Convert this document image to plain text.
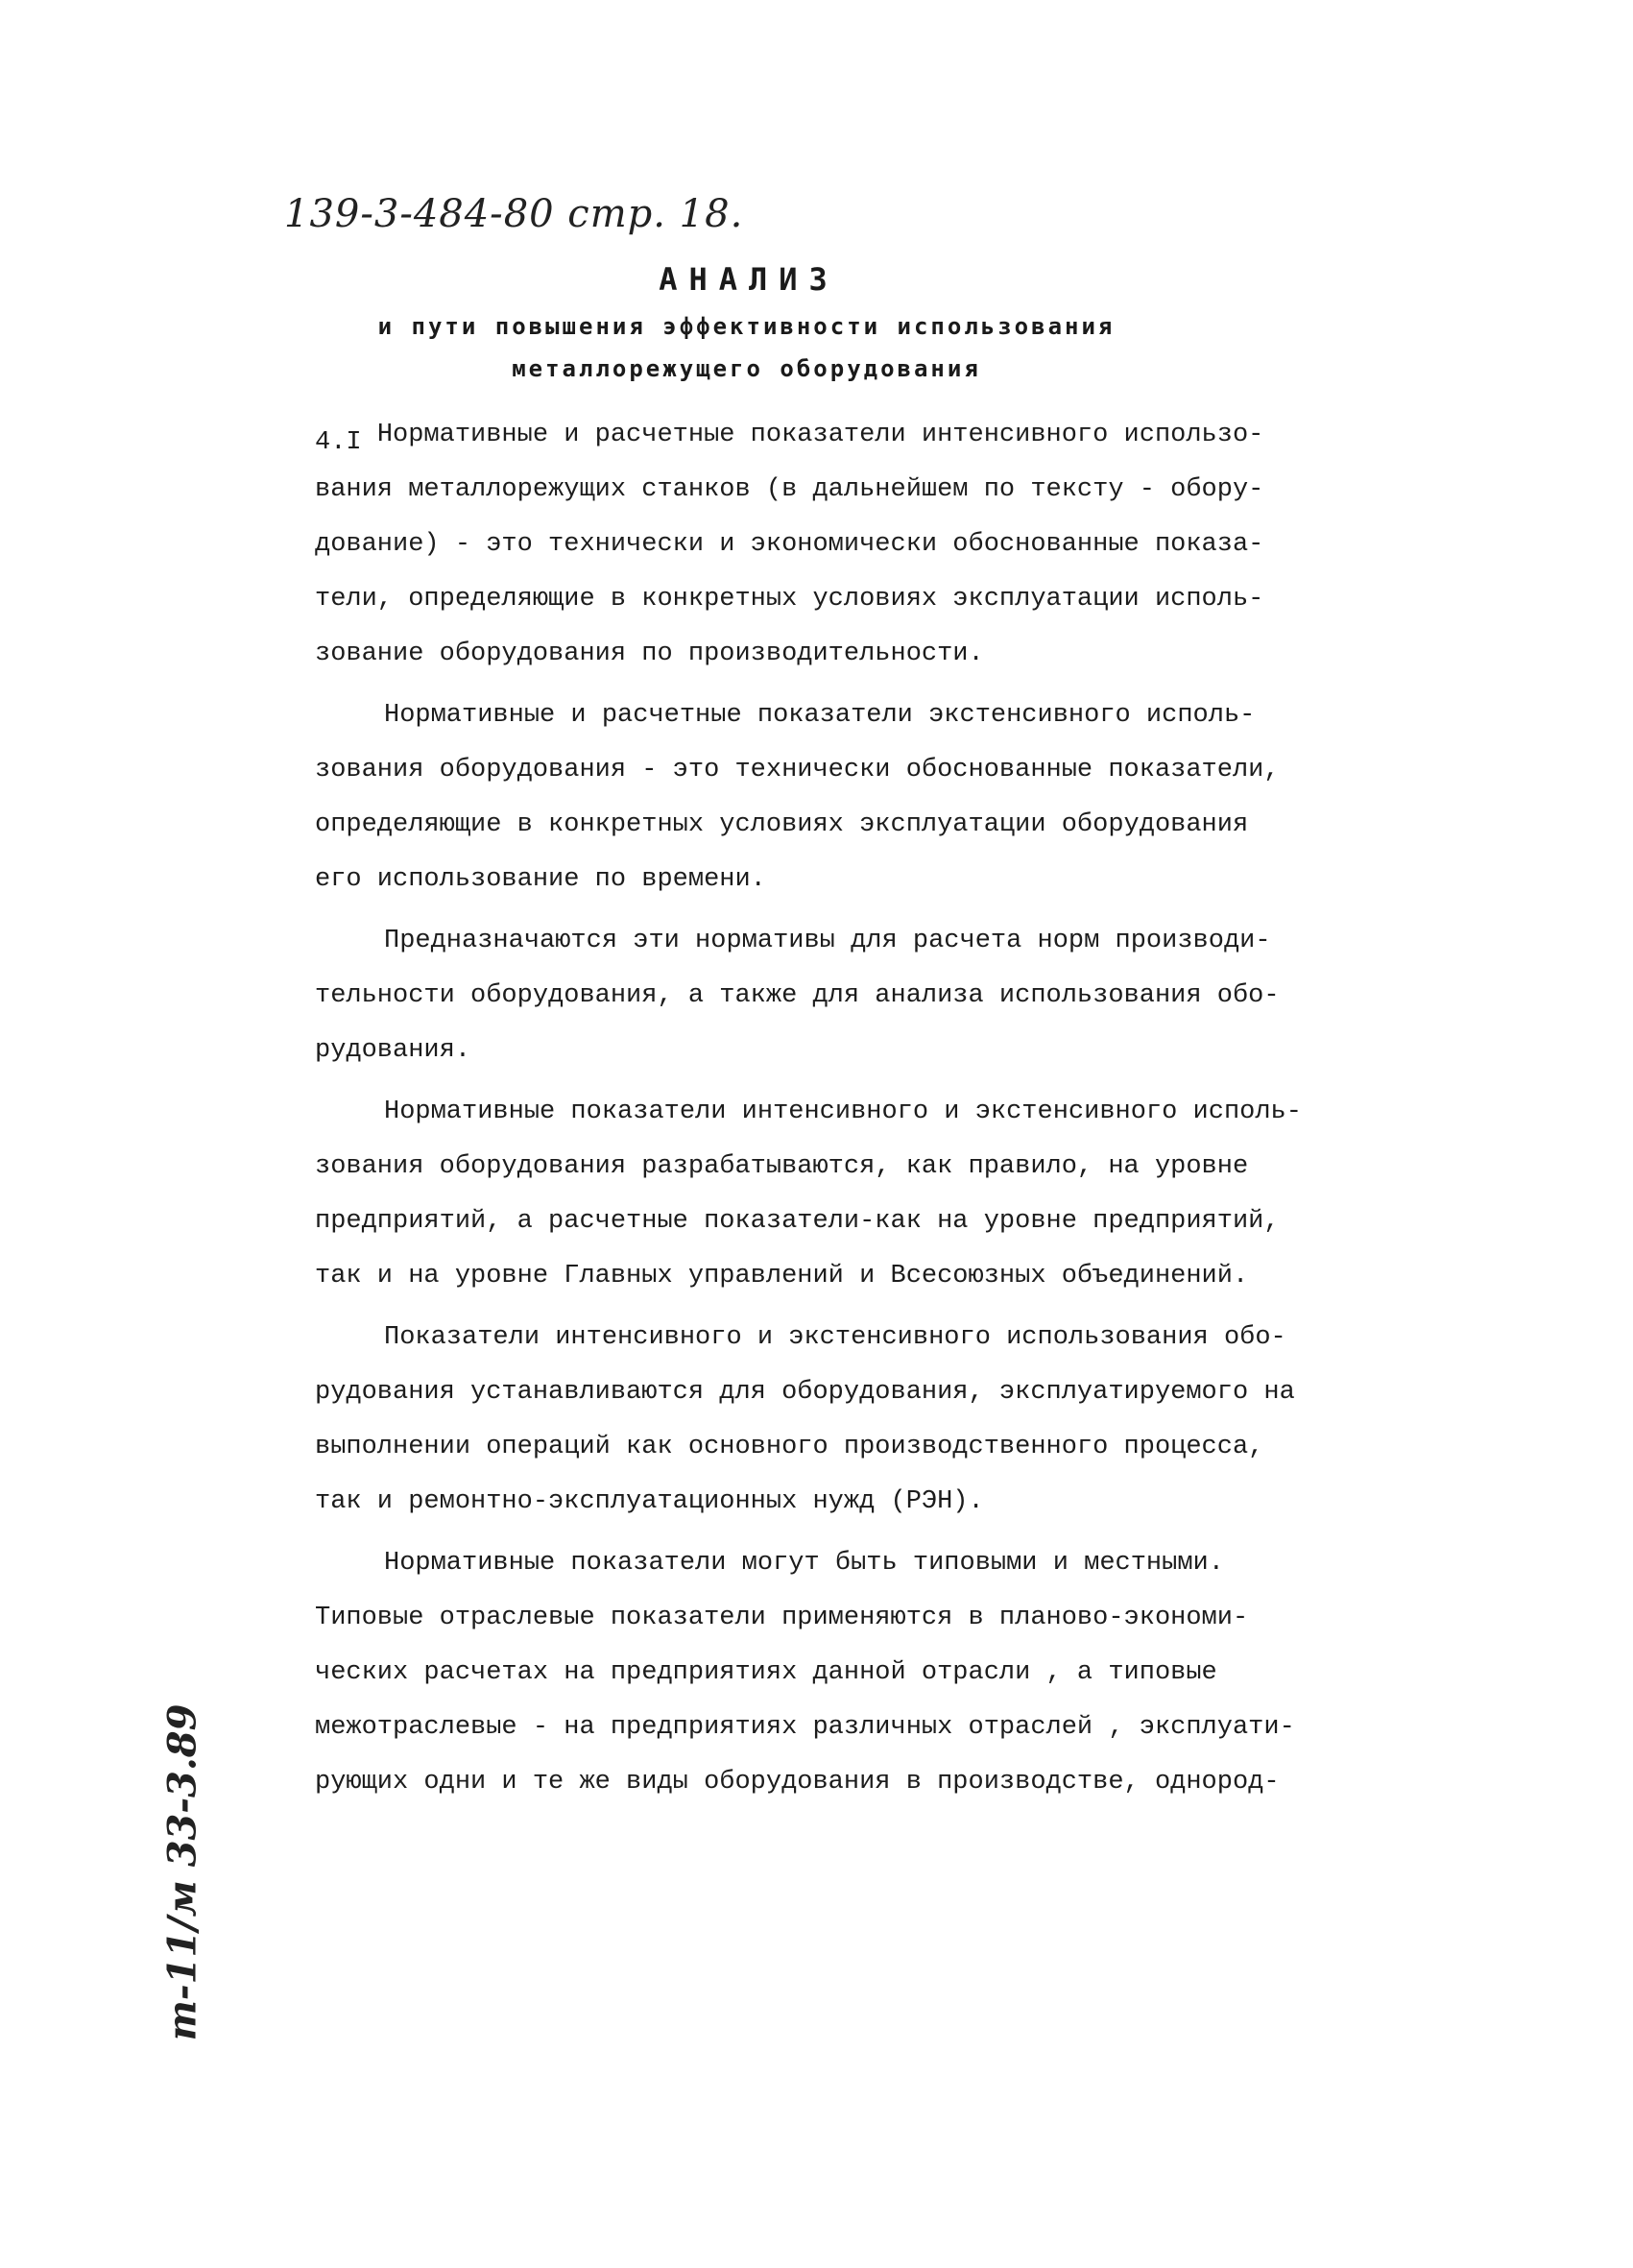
139-3-484-80 стр. 18.
АНАЛИЗ
и пути повышения эффективности использования
металлорежущего оборудования

4.I Нормативные и расчетные показатели интенсивного использо-
вания металлорежущих станков (в дальнейшем по тексту - обору-
дование) - это технически и экономически обоснованные показа-
тели, определяющие в конкретных условиях эксплуатации исполь-
зование оборудования по производительности.

Нормативные и расчетные показатели экстенсивного исполь-
зования оборудования - это технически обоснованные показатели,
определяющие в конкретных условиях эксплуатации оборудования
его использование по времени.

Предназначаются эти нормативы для расчета норм производи-
тельности оборудования, а также для анализа использования обо-
рудования.

Нормативные показатели интенсивного и экстенсивного исполь-
зования оборудования разрабатываются, как правило, на уровне
предприятий, а расчетные показатели-как на уровне предприятий,
так и на уровне Главных управлений и Всесоюзных объединений.

Показатели интенсивного и экстенсивного использования обо-
рудования устанавливаются для оборудования, эксплуатируемого на
выполнении операций как основного производственного процесса,
так и ремонтно-эксплуатационных нужд (РЭН).

Нормативные показатели могут быть типовыми и местными.
Типовые отраслевые показатели применяются в планово-экономи-
ческих расчетах на предприятиях данной отрасли , а типовые
межотраслевые - на предприятиях различных отраслей , эксплуати-
рующих одни и те же виды оборудования в производстве, однород-

т-11/м 33-3.89
